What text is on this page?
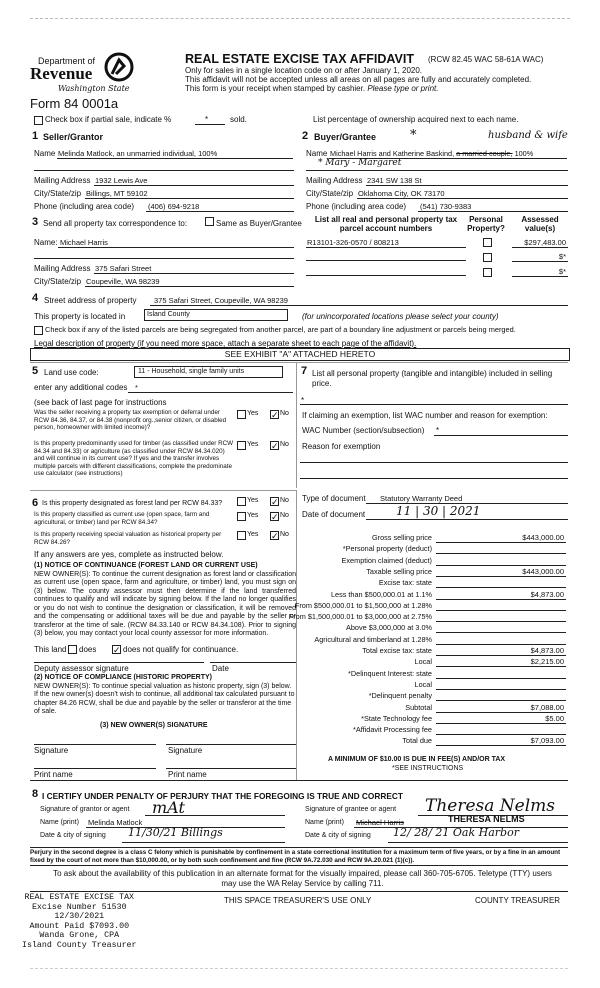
Department of
Revenue
Washington State
Form 84 0001a
REAL ESTATE EXCISE TAX AFFIDAVIT (RCW 82.45 WAC 58-61A WAC)
Only for sales in a single location code on or after January 1, 2020.
This affidavit will not be accepted unless all areas on all pages are fully and accurately completed.
This form is your receipt when stamped by cashier. Please type or print.
Check box if partial sale, indicate %	*	sold.	List percentage of ownership acquired next to each name.
1 Seller/Grantor
Name Melinda Matlock, an unmarried individual, 100%
Mailing Address 1932 Lewis Ave
City/State/zip Billings, MT 59102
Phone (including area code) (406) 694-9218
2 Buyer/Grantee	*	husband & wife
Name Michael Harris and Katherine Baskind, a married couple, 100%
* Mary - Margaret
Mailing Address 2341 SW 138 St
City/State/zip Oklahoma City, OK 73170
Phone (including area code) (541) 730-9383
3 Send all property tax correspondence to:	Same as Buyer/Grantee
Name: Michael Harris
Mailing Address 375 Safari Street
City/State/zip Coupeville, WA 98239
List all real and personal property tax parcel account numbers
Personal Property?
Assessed value(s)
R13101-326-0570 / 808213	$297,483.00
$*
$*
4 Street address of property 375 Safari Street, Coupeville, WA 98239
This property is located in	Island County	(for unincorporated locations please select your county)
Check box if any of the listed parcels are being segregated from another parcel, are part of a boundary line adjustment or parcels being merged.
Legal description of property (if you need more space, attach a separate sheet to each page of the affidavit).
SEE EXHIBIT "A" ATTACHED HERETO
5 Land use code:	11 - Household, single family units
enter any additional codes *
(see back of last page for instructions
Was the seller receiving a property tax exemption or deferral under RCW 84.36, 84.37, or 84.38 (nonprofit org.,senior citizen, or disabled person, homeowner with limited income)?
Yes ✓ No
Is this property predominantly used for timber (as classified under RCW 84.34 and 84.33) or agriculture (as classified under RCW 84.34.020) and will continue in its current use? If yes and the transfer involves multiple parcels with different classifications, complete the predominate use calculator (see instructions)
Yes ✓ No
7 List all personal property (tangible and intangible) included in selling price.
*
If claiming an exemption, list WAC number and reason for exemption:
WAC Number (section/subsection) *
Reason for exemption
6 Is this property designated as forest land per RCW 84.33?	Yes ✓ No
Is this property classified as current use (open space, farm and agricultural, or timber) land per RCW 84.34?
Yes ✓ No
Is this property receiving special valuation as historical property per RCW 84.26?
Yes ✓ No
If any answers are yes, complete as instructed below.
(1) NOTICE OF CONTINUANCE (FOREST LAND OR CURRENT USE)
NEW OWNER(S): To continue the current designation as forest land or classification as current use (open space, farm and agriculture, or timber) land, you must sign on (3) below. The county assessor must then determine if the land transferred continues to qualify and will indicate by signing below. If the land no longer qualifies or you do not wish to continue the designation or classification, it will be removed and the compensating or additional taxes will be due and payable by the seller or transferor at the time of sale. (RCW 84.33.140 or RCW 84.34.108). Prior to signing (3) below, you may contact your local county assessor for more information.
This land does ✓ does not qualify for continuance.
Deputy assessor signature	Date
(2) NOTICE OF COMPLIANCE (HISTORIC PROPERTY)
NEW OWNER(S): To continue special valuation as historic property, sign (3) below. If the new owner(s) doesn't wish to continue, all additional tax calculated pursuant to chapter 84.26 RCW, shall be due and payable by the seller or transferor at the time of sale.
(3) NEW OWNER(S) SIGNATURE
Signature	Signature
Print name	Print name
Type of document Statutory Warranty Deed
Date of document	11 | 30 | 2021
Gross selling price	$443,000.00
*Personal property (deduct)
Exemption claimed (deduct)
Taxable selling price	$443,000.00
Excise tax: state
Less than $500,000.01 at 1.1%	$4,873.00
From $500,000.01 to $1,500,000 at 1.28%
From $1,500,000.01 to $3,000,000 at 2.75%
Above $3,000,000 at 3.0%
Agricultural and timberland at 1.28%
Total excise tax: state	$4,873.00
Local	$2,215.00
*Delinquent Interest: state
Local
*Delinquent penalty
Subtotal	$7,088.00
*State Technology fee	$5.00
*Affidavit Processing fee
Total due	$7,093.00
A MINIMUM OF $10.00 IS DUE IN FEE(S) AND/OR TAX
*SEE INSTRUCTIONS
8 I CERTIFY UNDER PENALTY OF PERJURY THAT THE FOREGOING IS TRUE AND CORRECT
Signature of grantor or agent mAt	Signature of grantee or agent Theresa Nelms
Name (print) Melinda Matlock	Name (print) Michael Harris	THERESA NELMS
Date & city of signing 11/30/21 Billings	Date & city of signing 12/ 28/ 21 Oak Harbor
Perjury in the second degree is a class C felony which is punishable by confinement in a state correctional institution for a maximum term of five years, or by a fine in an amount fixed by the court of not more than $10,000.00, or by both such confinement and fine (RCW 9A.72.030 and RCW 9A.20.021 (1)(c)).
To ask about the availability of this publication in an alternate format for the visually impaired, please call 360-705-6705. Teletype (TTY) users may use the WA Relay Service by calling 711.
REAL ESTATE EXCISE TAX
Excise Number 51530
12/30/2021
Amount Paid $7093.00
Wanda Grone, CPA
Island County Treasurer
THIS SPACE TREASURER'S USE ONLY	COUNTY TREASURER
